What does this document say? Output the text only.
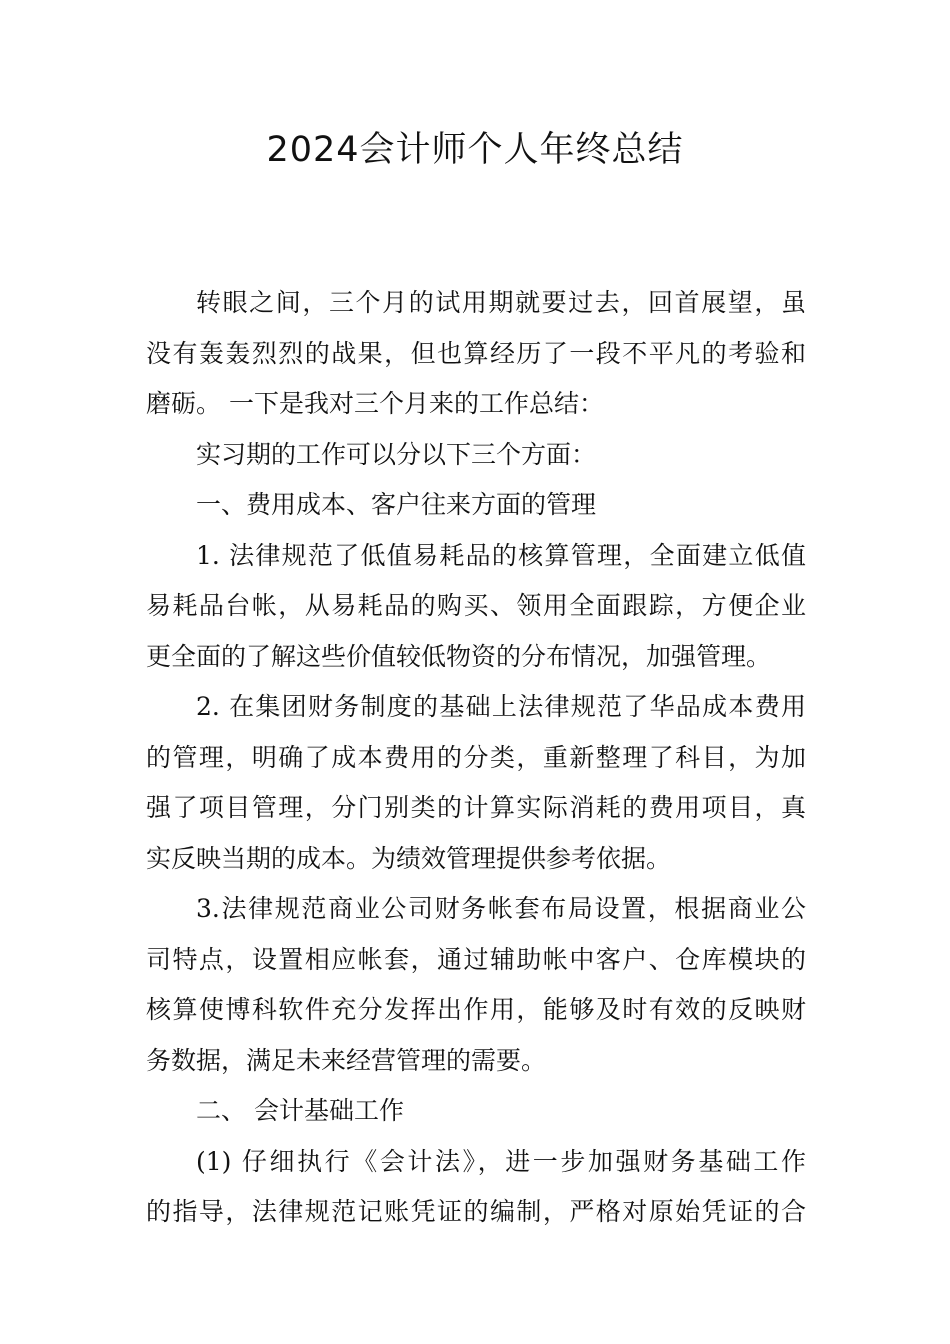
2024会计师个人年终总结
转眼之间，三个月的试用期就要过去，回首展望，虽
没有轰轰烈烈的战果，但也算经历了一段不平凡的考验和
磨砺。 一下是我对三个月来的工作总结：
实习期的工作可以分以下三个方面：
一、费用成本、客户往来方面的管理
1. 法律规范了低值易耗品的核算管理，全面建立低值
易耗品台帐，从易耗品的购买、领用全面跟踪，方便企业
更全面的了解这些价值较低物资的分布情况，加强管理。
2. 在集团财务制度的基础上法律规范了华品成本费用
的管理，明确了成本费用的分类，重新整理了科目，为加
强了项目管理，分门别类的计算实际消耗的费用项目，真
实反映当期的成本。为绩效管理提供参考依据。
3.法律规范商业公司财务帐套布局设置，根据商业公
司特点，设置相应帐套，通过辅助帐中客户、仓库模块的
核算使博科软件充分发挥出作用，能够及时有效的反映财
务数据，满足未来经营管理的需要。
二、 会计基础工作
(1) 仔细执行《会计法》，进一步加强财务基础工作
的指导，法律规范记账凭证的编制，严格对原始凭证的合
